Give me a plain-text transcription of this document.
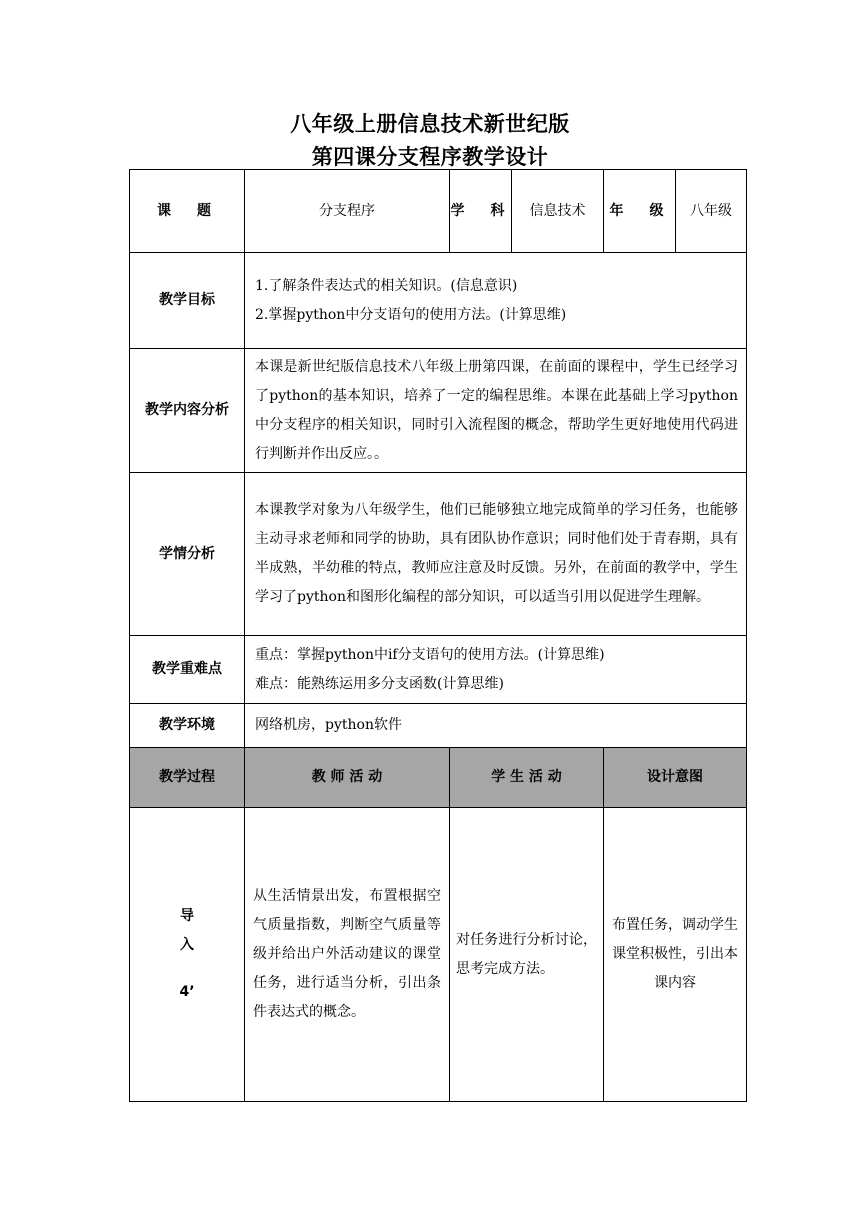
八年级上册信息技术新世纪版
第四课分支程序教学设计
课　题	分支程序	学　科	信息技术	年　级	八年级
教学目标	1.了解条件表达式的相关知识。(信息意识)

2.掌握python中分支语句的使用方法。(计算思维)				

教学内容分析	本课是新世纪版信息技术八年级上册第四课，在前面的课程中，学生已经学习了python的基本知识，培养了一定的编程思维。本课在此基础上学习python中分支程序的相关知识，同时引入流程图的概念，帮助学生更好地使用代码进行判断并作出反应。。				
学情分析	本课教学对象为八年级学生，他们已能够独立地完成简单的学习任务，也能够主动寻求老师和同学的协助，具有团队协作意识；同时他们处于青春期，具有半成熟，半幼稚的特点，教师应注意及时反馈。另外，在前面的教学中，学生学习了python和图形化编程的部分知识，可以适当引用以促进学生理解。				
教学重难点	重点：掌握python中if分支语句的使用方法。(计算思维)

难点：能熟练运用多分支函数(计算思维)				

教学环境	网络机房，python软件				
教学过程	教 师 活 动	学 生 活 动		设计意图	

导
入
4’	从生活情景出发，布置根据空气质量指数，判断空气质量等级并给出户外活动建议的课堂任务，进行适当分析，引出条件表达式的概念。	对任务进行分析讨论，思考完成方法。		布置任务，调动学生课堂积极性，引出本课内容	
